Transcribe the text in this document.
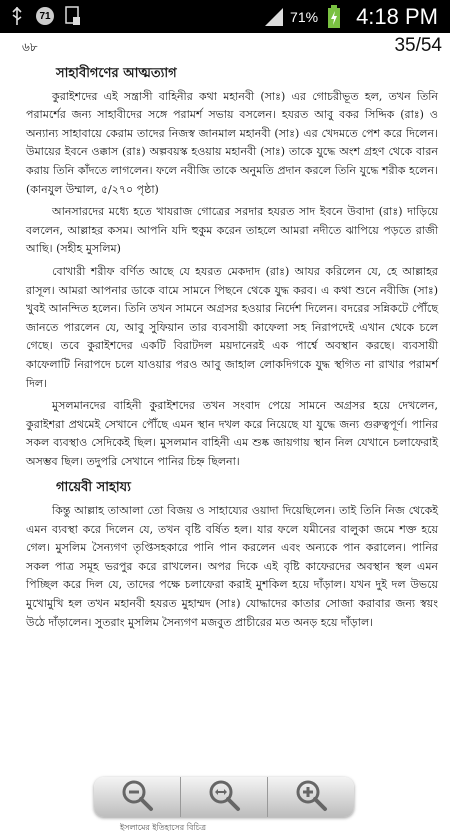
71	71% 4:18 PM
৬৮	35/54
সাহাবীগণের আত্মত্যাগ

কুরাইশদের এই সন্ত্রাসী বাহিনীর কথা মহানবী (সাঃ) এর গোচরীভূত হল, তখন তিনি পরামর্শের জন্য সাহাবীদের সঙ্গে পরামর্শ সভায় বসলেন। হযরত আবু বকর সিদ্দিক (রাঃ) ও অন্যান্য সাহাবায়ে কেরাম তাদের নিজস্ব জানমাল মহানবী (সাঃ) এর খেদমতে পেশ করে দিলেন। উমায়ের ইবনে ওক্কাস (রাঃ) অল্পবয়স্ক হওয়ায় মহানবী (সাঃ) তাকে যুদ্ধে অংশ গ্রহণ থেকে বারন করায় তিনি কাঁদতে লাগলেন। ফলে নবীজি তাকে অনুমতি প্রদান করলে তিনি যুদ্ধে শরীক হলেন। (কানযুল উম্মাল, ৫/২৭০ পৃষ্ঠা)

আনসারদের মধ্যে হতে খাযরাজ গোত্রের সরদার হযরত সাদ ইবনে উবাদা (রাঃ) দাড়িয়ে বললেন, আল্লাহর কসম। আপনি যদি হুকুম করেন তাহলে আমরা নদীতে ঝাপিয়ে পড়তে রাজী আছি। (সহীহ মুসলিম)

বোখারী শরীফ বর্ণিত আছে যে হযরত মেকদাদ (রাঃ) আযর করিলেন যে, হে আল্লাহর রাসূল। আমরা আপনার ডাকে বামে সামনে পিছনে থেকে যুদ্ধ করব। এ কথা শুনে নবীজি (সাঃ) খুবই আনন্দিত হলেন। তিনি তখন সামনে অগ্রসর হওয়ার নির্দেশ দিলেন। বদরের সন্নিকটে পৌঁছে জানতে পারলেন যে, আবু সুফিয়ান তার ব্যবসায়ী কাফেলা সহ নিরাপদেই এখান থেকে চলে গেছে। তবে কুরাইশদের একটি বিরাটদল ময়দানেরই এক পার্শ্বে অবস্থান করছে। ব্যবসায়ী কাফেলাটি নিরাপদে চলে যাওয়ার পরও আবু জাহাল লোকদিগকে যুদ্ধ স্থগিত না রাখার পরামর্শ দিল।

মুসলমানদের বাহিনী কুরাইশদের তখন সংবাদ পেয়ে সামনে অগ্রসর হয়ে দেখলেন, কুরাইশরা প্রথমেই সেখানে পৌঁছে এমন স্থান দখল করে নিয়েছে যা যুদ্ধে জন্য গুরুত্বপূর্ণ। পানির সকল ব্যবস্থাও সেদিকেই ছিল। মুসলমান বাহিনী এম শুষ্ক জায়গায় স্থান নিল যেখানে চলাফেরাই অসম্ভব ছিল। তদুপরি সেখানে পানির চিহ্ন ছিলনা।

গায়েবী সাহায্য

কিন্তু আল্লাহ তাআলা তো বিজয় ও সাহায্যের ওয়াদা দিয়েছিলেন। তাই তিনি নিজ থেকেই এমন ব্যবস্থা করে দিলেন যে, তখন বৃষ্টি বর্ষিত হল। যার ফলে যমীনের বালুকা জমে শক্ত হয়ে গেল। মুসলিম সৈন্যগণ তৃপ্তিসহকারে পানি পান করলেন এবং অন্যকে পান করালেন। পানির সকল পাত্র সমূহ ভরপুর করে রাখলেন। অপর দিকে এই বৃষ্টি কাফেরদের অবস্থান স্থল এমন পিচ্ছিল করে দিল যে, তাদের পক্ষে চলাফেরা করাই মুশকিল হয়ে দাঁড়াল। যখন দুই দল উভয়ে মুখোমুখি হল তখন মহানবী হযরত মুহাম্মদ (সাঃ) যোদ্ধাদের কাতার সোজা করাবার জন্য স্বয়ং উঠে দাঁড়ালেন। সুতরাং মুসলিম সৈন্যগণ মজবুত প্রাচীরের মত অনড় হয়ে দাঁড়াল।

ইসলামের ইতিহাসের বিচিত্র
